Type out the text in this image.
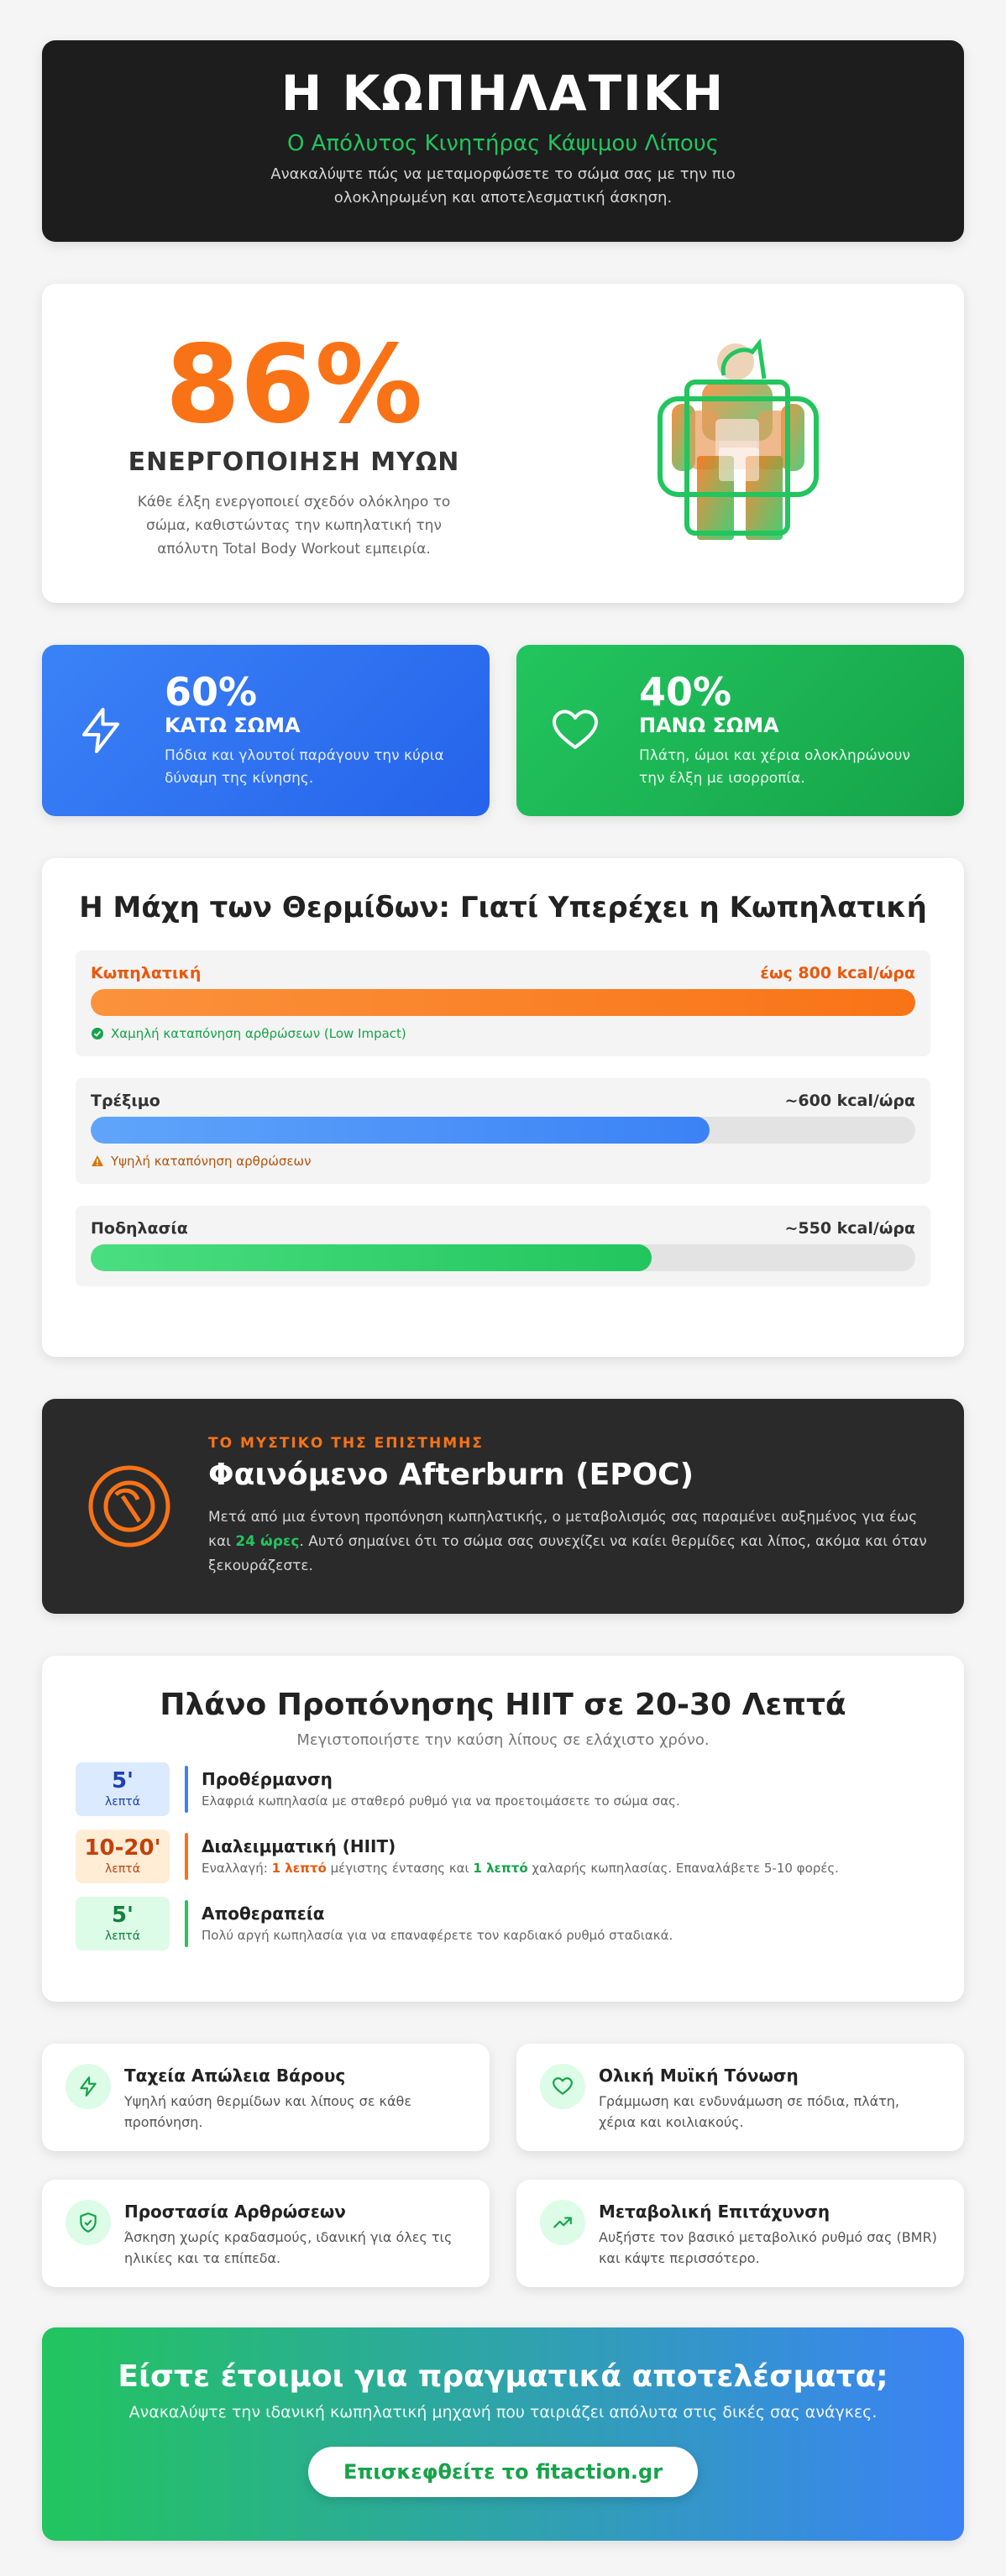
Η ΚΩΠΗΛΑΤΙΚΗ
Ο Απόλυτος Κινητήρας Κάψιμου Λίπους

Ανακαλύψτε πώς να μεταμορφώσετε το σώμα σας με την πιο ολοκληρωμένη και αποτελεσματική άσκηση.

86%
ΕΝΕΡΓΟΠΟΙΗΣΗ ΜΥΩΝ
Κάθε έλξη ενεργοποιεί σχεδόν ολόκληρο το σώμα, καθιστώντας την κωπηλατική την απόλυτη Total Body Workout εμπειρία.
60%
ΚΑΤΩ ΣΩΜΑ
Πόδια και γλουτοί παράγουν την κύρια δύναμη της κίνησης.
40%
ΠΑΝΩ ΣΩΜΑ
Πλάτη, ώμοι και χέρια ολοκληρώνουν την έλξη με ισορροπία.
Η Μάχη των Θερμίδων: Γιατί Υπερέχει η Κωπηλατική
Κωπηλατική	έως 800 kcal/ώρα
Χαμηλή καταπόνηση αρθρώσεων (Low Impact)
Τρέξιμο	~600 kcal/ώρα
Υψηλή καταπόνηση αρθρώσεων
Ποδηλασία	~550 kcal/ώρα
ΤΟ ΜΥΣΤΙΚΟ ΤΗΣ ΕΠΙΣΤΗΜΗΣ
Φαινόμενο Afterburn (EPOC)

Μετά από μια έντονη προπόνηση κωπηλατικής, ο μεταβολισμός σας παραμένει αυξημένος για έως και 24 ώρες. Αυτό σημαίνει ότι το σώμα σας συνεχίζει να καίει θερμίδες και λίπος, ακόμα και όταν ξεκουράζεστε.

Πλάνο Προπόνησης HIIT σε 20-30 Λεπτά
Μεγιστοποιήστε την καύση λίπους σε ελάχιστο χρόνο.
5'
λεπτά
Προθέρμανση
Ελαφριά κωπηλασία με σταθερό ρυθμό για να προετοιμάσετε το σώμα σας.
10-20'
λεπτά
Διαλειμματική (HIIT)
Εναλλαγή: 1 λεπτό μέγιστης έντασης και 1 λεπτό χαλαρής κωπηλασίας. Επαναλάβετε 5-10 φορές.
5'
λεπτά
Αποθεραπεία
Πολύ αργή κωπηλασία για να επαναφέρετε τον καρδιακό ρυθμό σταδιακά.
Ταχεία Απώλεια Βάρους
Υψηλή καύση θερμίδων και λίπους σε κάθε προπόνηση.
Ολική Μυϊκή Τόνωση
Γράμμωση και ενδυνάμωση σε πόδια, πλάτη, χέρια και κοιλιακούς.
Προστασία Αρθρώσεων
Άσκηση χωρίς κραδασμούς, ιδανική για όλες τις ηλικίες και τα επίπεδα.
Μεταβολική Επιτάχυνση
Αυξήστε τον βασικό μεταβολικό ρυθμό σας (BMR) και κάψτε περισσότερο.
Είστε έτοιμοι για πραγματικά αποτελέσματα;

Ανακαλύψτε την ιδανική κωπηλατική μηχανή που ταιριάζει απόλυτα στις δικές σας ανάγκες.

Επισκεφθείτε το fitaction.gr
